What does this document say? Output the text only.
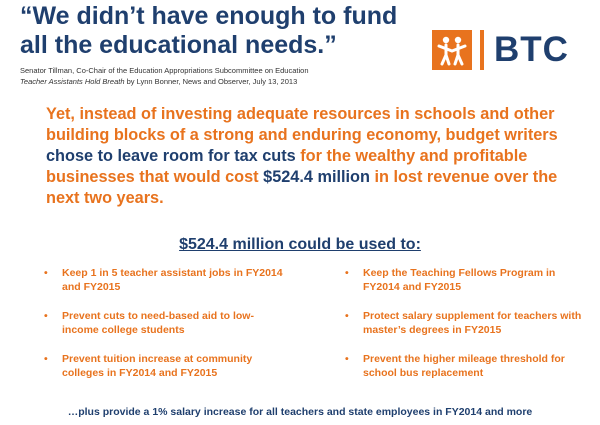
“We didn’t have enough to fund
all the educational needs.”
Senator Tillman, Co-Chair of the Education Appropriations Subcommittee on Education
Teacher Assistants Hold Breath by Lynn Bonner, News and Observer, July 13, 2013
BTC
Yet, instead of investing adequate resources in schools and other building blocks of a strong and enduring economy, budget writers chose to leave room for tax cuts for the wealthy and profitable businesses that would cost $524.4 million in lost revenue over the next two years.
$524.4 million could be used to:
•	Keep 1 in 5 teacher assistant jobs in FY2014 and FY2015
•	Prevent cuts to need-based aid to low-income college students
•	Prevent tuition increase at community colleges in FY2014 and FY2015
•	Keep the Teaching Fellows Program in FY2014 and FY2015
•	Protect salary supplement for teachers with master’s degrees in FY2015
•	Prevent the higher mileage threshold for school bus replacement
…plus provide a 1% salary increase for all teachers and state employees in FY2014 and more
